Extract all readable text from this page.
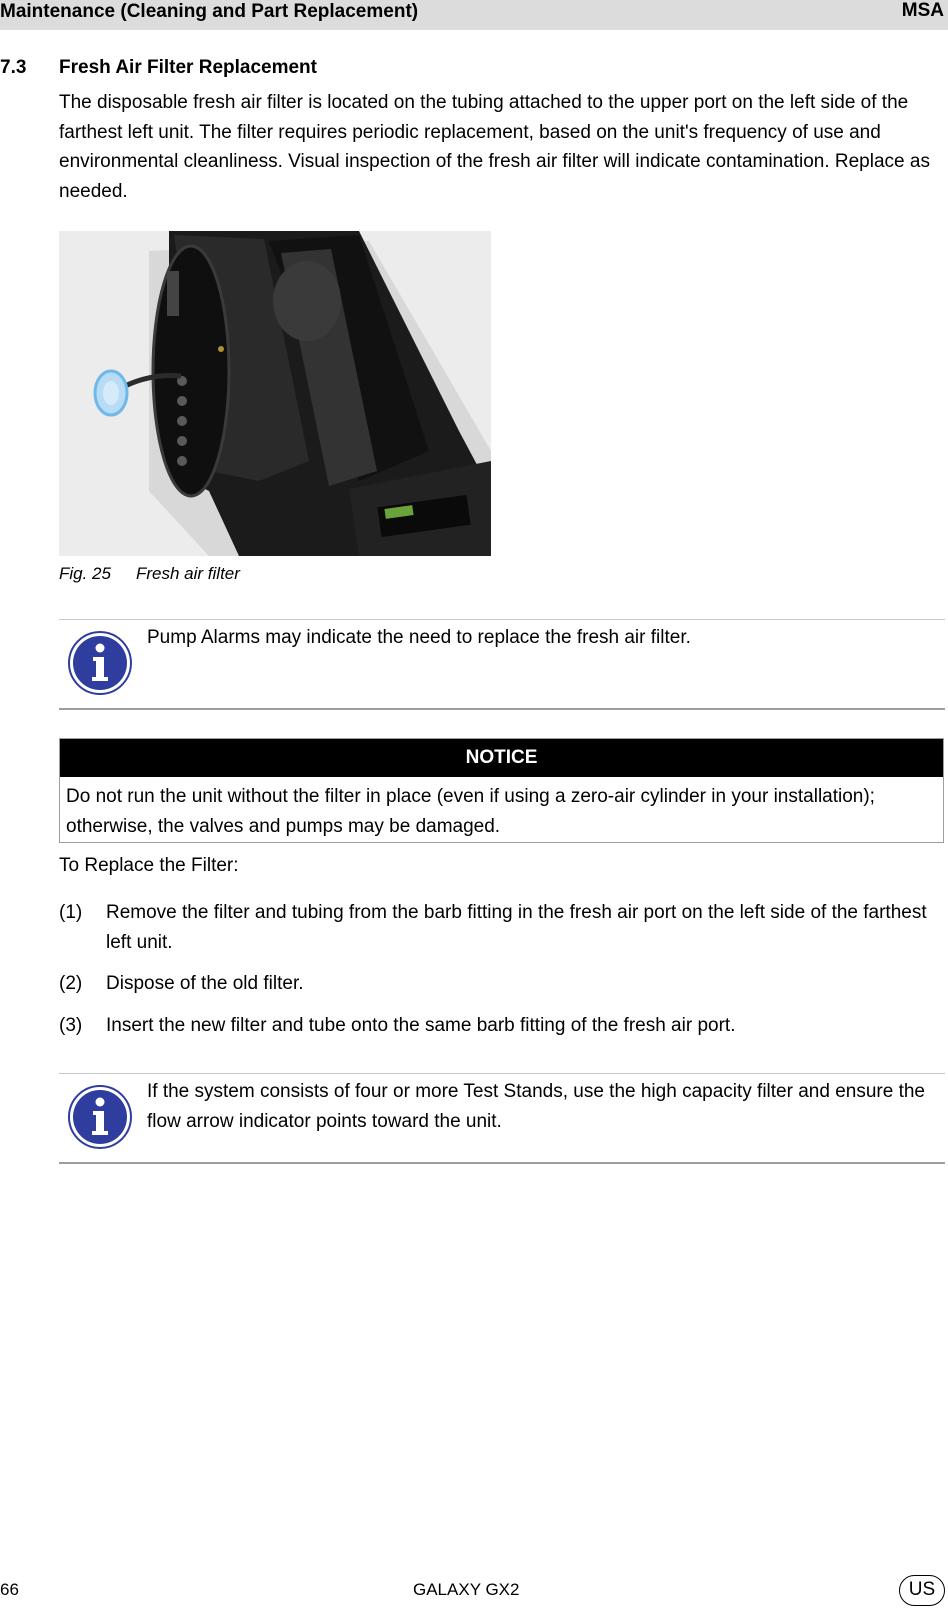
Maintenance (Cleaning and Part Replacement)	MSA
7.3 Fresh Air Filter Replacement

The disposable fresh air filter is located on the tubing attached to the upper port on the left side of the farthest left unit. The filter requires periodic replacement, based on the unit's frequency of use and environmental cleanliness. Visual inspection of the fresh air filter will indicate contamination. Replace as needed.

Fig. 25 Fresh air filter

Pump Alarms may indicate the need to replace the fresh air filter.

NOTICE

Do not run the unit without the filter in place (even if using a zero-air cylinder in your installation); otherwise, the valves and pumps may be damaged.

To Replace the Filter:
(1) Remove the filter and tubing from the barb fitting in the fresh air port on the left side of the farthest left unit.

(2) Dispose of the old filter.

(3) Insert the new filter and tube onto the same barb fitting of the fresh air port.

If the system consists of four or more Test Stands, use the high capacity filter and ensure the flow arrow indicator points toward the unit.

66	GALAXY GX2	US
